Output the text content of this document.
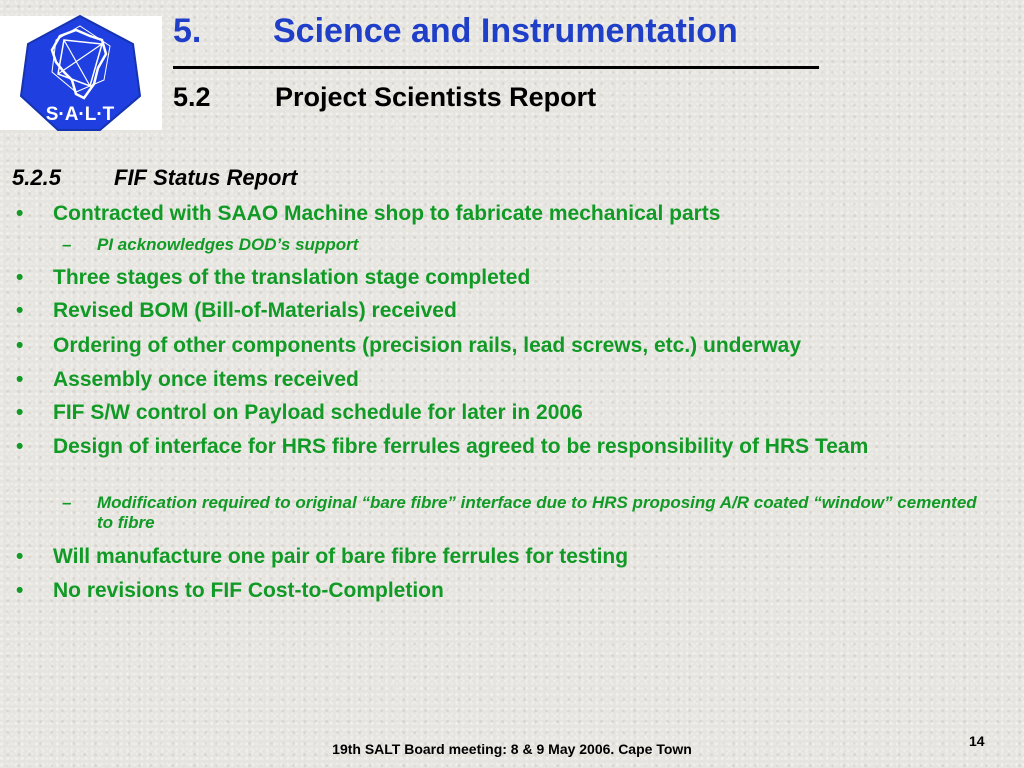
S·A·L·T
5. Science and Instrumentation
5.2 Project Scientists Report
5.2.5 FIF Status Report
• Contracted with SAAO Machine shop to fabricate mechanical parts
– PI acknowledges DOD’s support
• Three stages of the translation stage completed
• Revised BOM (Bill-of-Materials) received
• Ordering of other components (precision rails, lead screws, etc.) underway
• Assembly once items received
• FIF S/W control on Payload schedule for later in 2006
• Design of interface for HRS fibre ferrules agreed to be responsibility of HRS Team
– Modification required to original “bare fibre” interface due to HRS proposing A/R coated “window” cemented to fibre
• Will manufacture one pair of bare fibre ferrules for testing
• No revisions to FIF Cost-to-Completion
19th SALT Board meeting: 8 & 9 May 2006. Cape Town	14
